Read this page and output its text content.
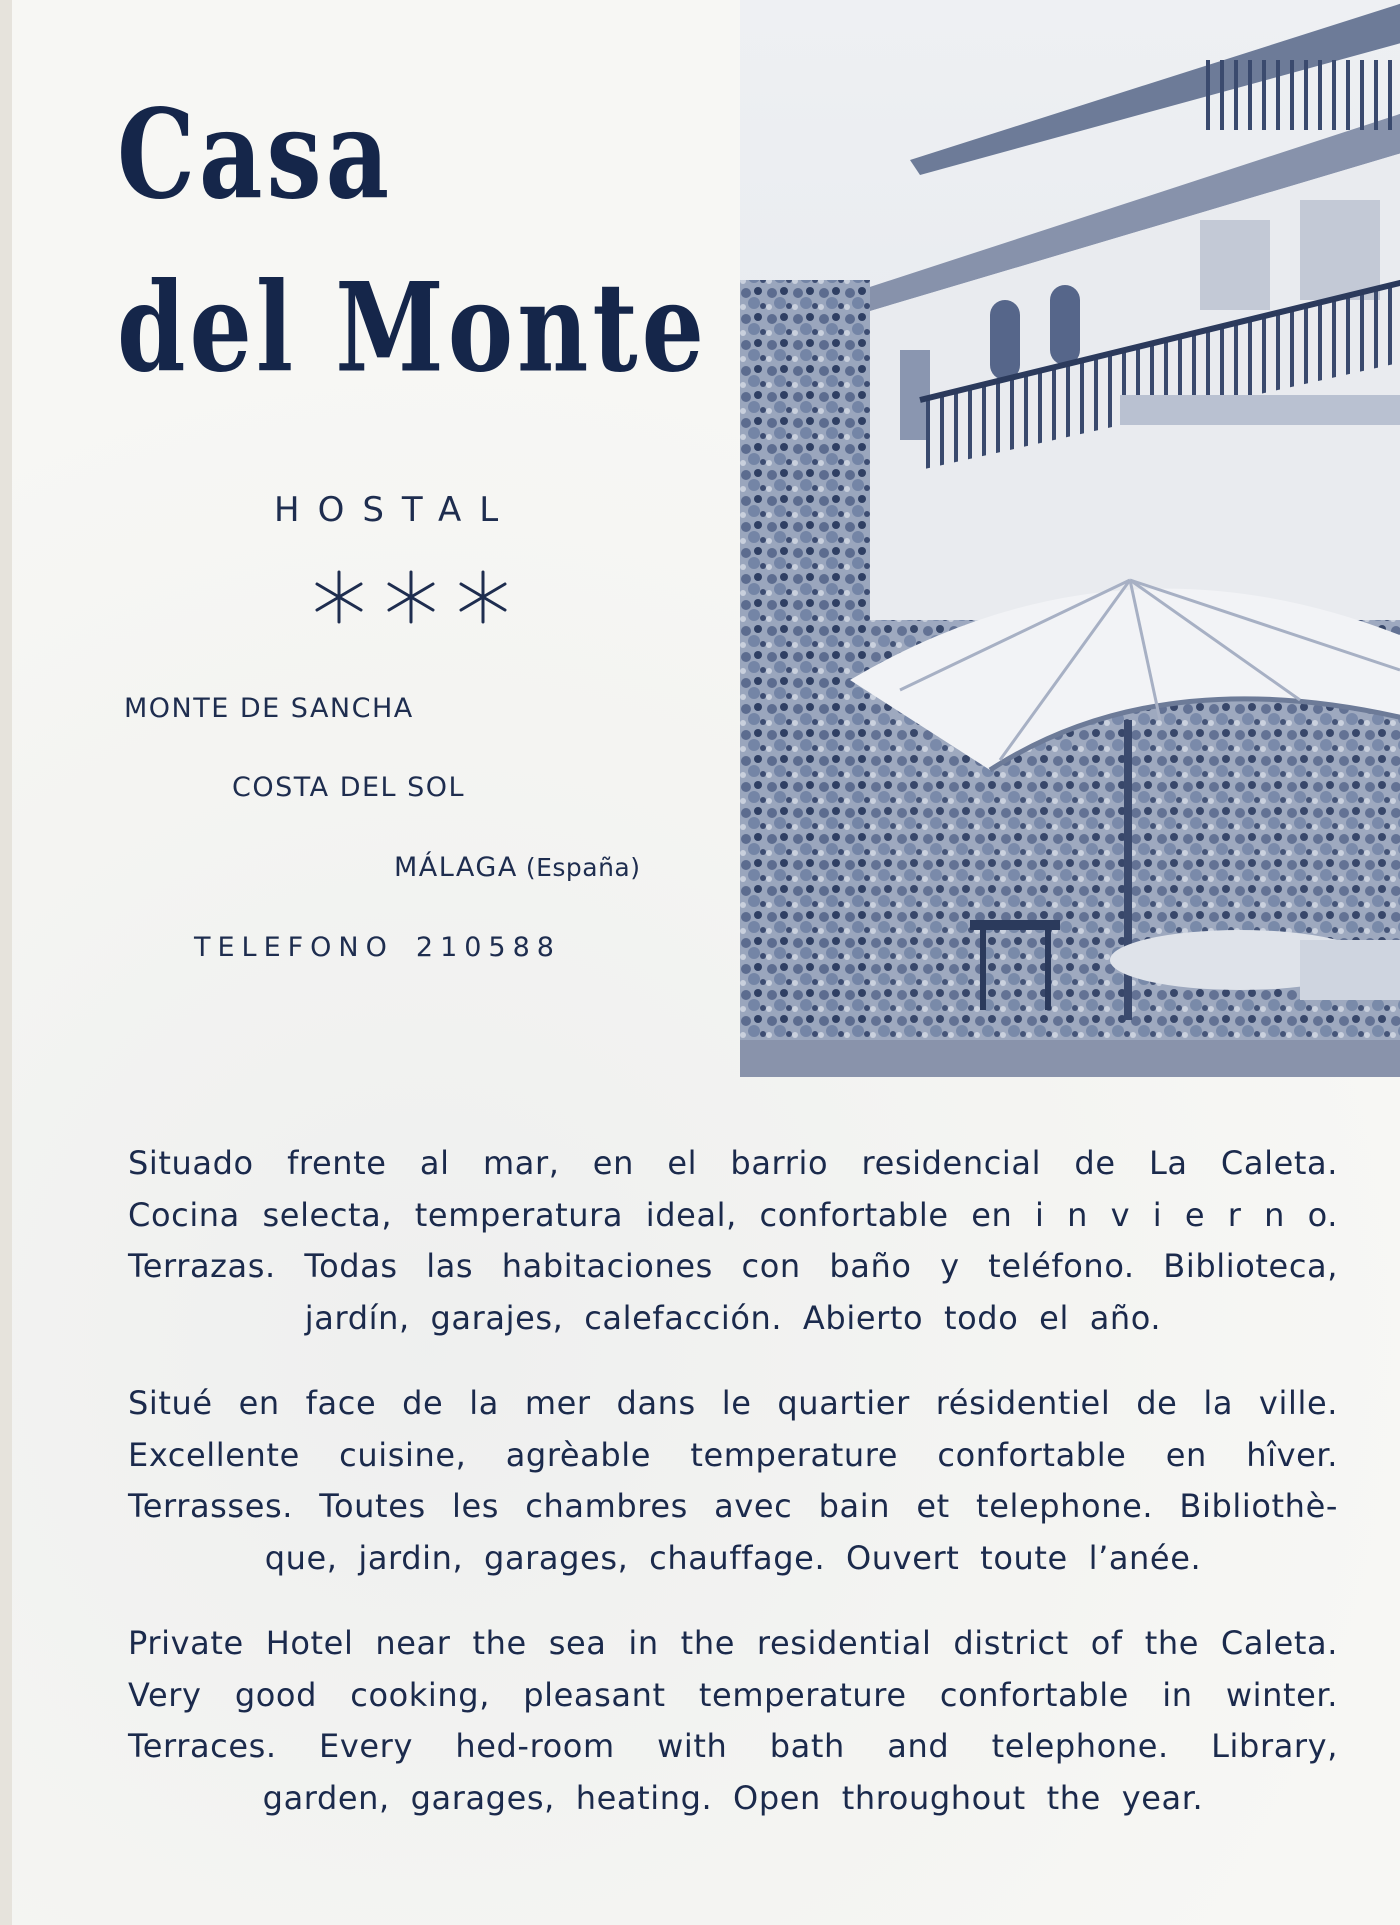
Casa
del Monte
HOSTAL
MONTE DE SANCHA
COSTA DEL SOL
MÁLAGA (España)
TELEFONO 210588
Situado frente al mar, en el barrio residencial de La Caleta.
Cocina selecta, temperatura ideal, confortable en i n v i e r n o.
Terrazas. Todas las habitaciones con baño y teléfono. Biblioteca,
jardín, garajes, calefacción. Abierto todo el año.
Situé en face de la mer dans le quartier résidentiel de la ville.
Excellente cuisine, agrèable temperature confortable en hîver.
Terrasses. Toutes les chambres avec bain et telephone. Bibliothè-
que, jardin, garages, chauffage. Ouvert toute l’anée.
Private Hotel near the sea in the residential district of the Caleta.
Very good cooking, pleasant temperature confortable in winter.
Terraces. Every hed-room with bath and telephone. Library,
garden, garages, heating. Open throughout the year.
